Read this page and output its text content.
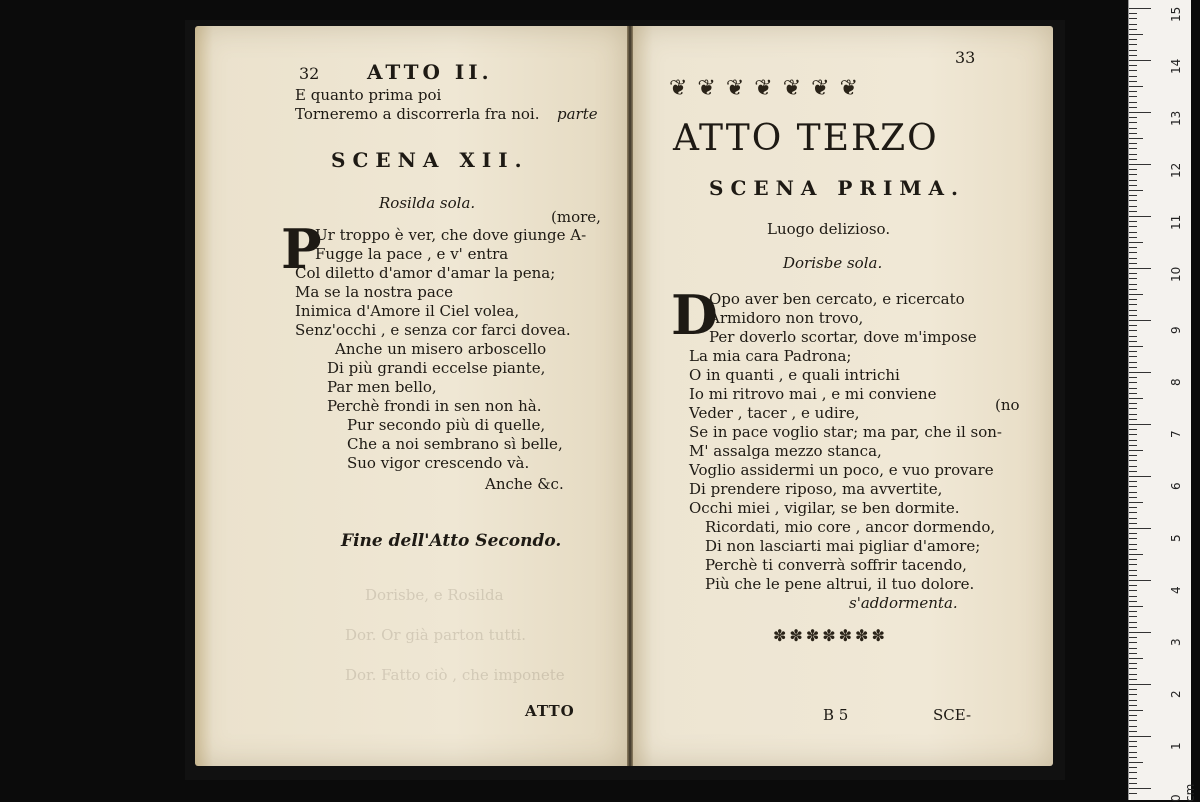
32 ATTO II.
E quanto prima poi
Torneremo a discorrerla fra noi. parte
SCENA XII.
Rosilda sola.
(more,
P
Ur troppo è ver, che dove giunge A-
Fugge la pace , e v' entra
Col diletto d'amor d'amar la pena;
Ma se la nostra pace
Inimica d'Amore il Ciel volea,
Senz'occhi , e senza cor farci dovea.
Anche un misero arboscello
Di più grandi eccelse piante,
Par men bello,
Perchè frondi in sen non hà.
Pur secondo più di quelle,
Che a noi sembrano sì belle,
Suo vigor crescendo và.
Anche &c.
Fine dell'Atto Secondo.
Dorisbe, e Rosilda
Dor. Or già parton tutti.
Dor. Fatto ciò , che imponete
ATTO
33
❦❦❦❦❦❦❦
ATTO TERZO
SCENA PRIMA.
Luogo delizioso.
Dorisbe sola.
D
Opo aver ben cercato, e ricercato
Armidoro non trovo,
Per doverlo scortar, dove m'impose
La mia cara Padrona;
O in quanti , e quali intrichi
Io mi ritrovo mai , e mi conviene
Veder , tacer , e udire,	(no
Se in pace voglio star; ma par, che il son-
M' assalga mezzo stanca,
Voglio assidermi un poco, e vuo provare
Di prendere riposo, ma avvertite,
Occhi miei , vigilar, se ben dormite.
Ricordati, mio core , ancor dormendo,
Di non lasciarti mai pigliar d'amore;
Perchè ti converrà soffrir tacendo,
Più che le pene altrui, il tuo dolore.
s'addormenta.
✽✽✽✽✽✽✽
B 5	SCE-
15
14
13
12
11
10
9
8
7
6
5
4
3
2
1
0 cm
